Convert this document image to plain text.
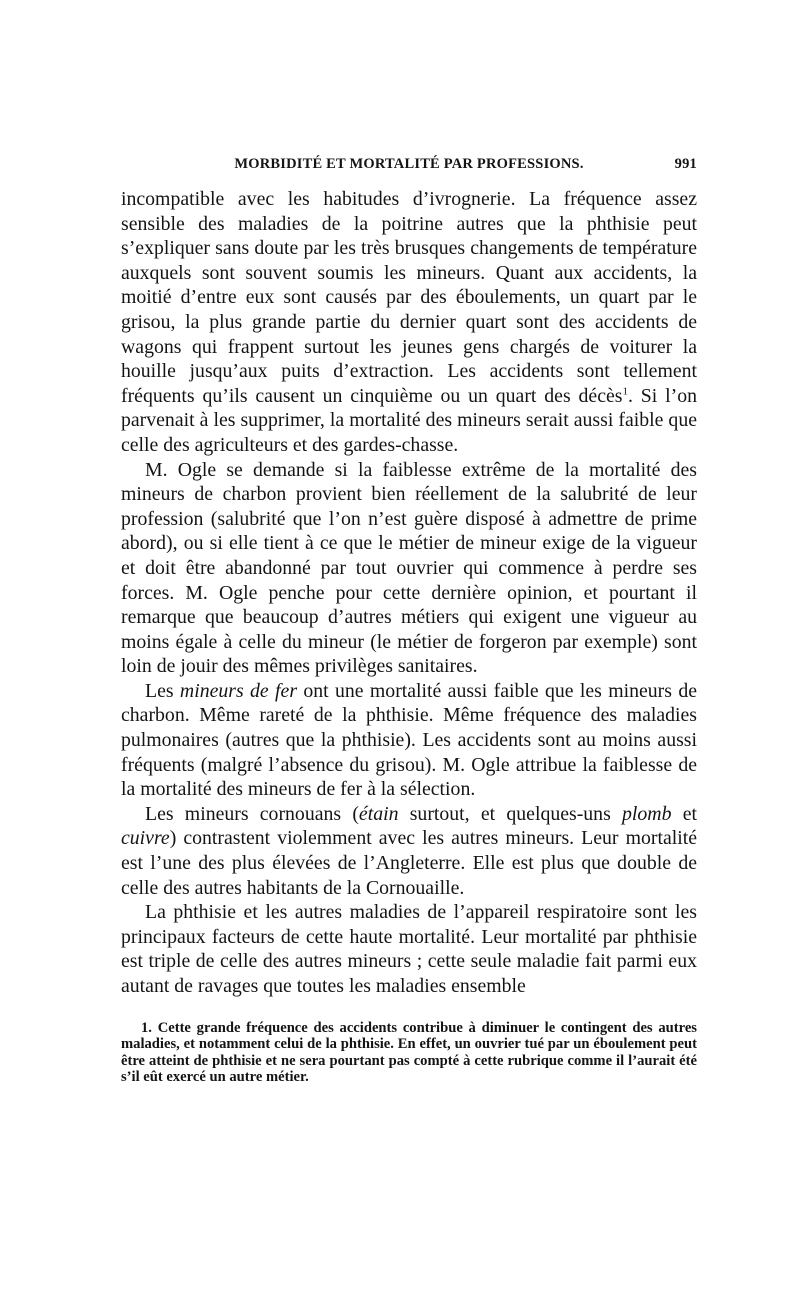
MORBIDITÉ ET MORTALITÉ PAR PROFESSIONS.	991

incompatible avec les habitudes d’ivrognerie. La fréquence assez sensible des maladies de la poitrine autres que la phthisie peut s’expliquer sans doute par les très brusques changements de température auxquels sont souvent soumis les mineurs. Quant aux accidents, la moitié d’entre eux sont causés par des éboulements, un quart par le grisou, la plus grande partie du dernier quart sont des accidents de wagons qui frappent surtout les jeunes gens chargés de voiturer la houille jusqu’aux puits d’extraction. Les accidents sont tellement fréquents qu’ils causent un cinquième ou un quart des décès$^1$. Si l’on parvenait à les supprimer, la mortalité des mineurs serait aussi faible que celle des agriculteurs et des gardes-chasse.

M. Ogle se demande si la faiblesse extrême de la mortalité des mineurs de charbon provient bien réellement de la salubrité de leur profession (salubrité que l’on n’est guère disposé à admettre de prime abord), ou si elle tient à ce que le métier de mineur exige de la vigueur et doit être abandonné par tout ouvrier qui commence à perdre ses forces. M. Ogle penche pour cette dernière opinion, et pourtant il remarque que beaucoup d’autres métiers qui exigent une vigueur au moins égale à celle du mineur (le métier de forgeron par exemple) sont loin de jouir des mêmes privilèges sanitaires.

Les mineurs de fer ont une mortalité aussi faible que les mineurs de charbon. Même rareté de la phthisie. Même fréquence des maladies pulmonaires (autres que la phthisie). Les accidents sont au moins aussi fréquents (malgré l’absence du grisou). M. Ogle attribue la faiblesse de la mortalité des mineurs de fer à la sélection.

Les mineurs cornouans (étain surtout, et quelques-uns plomb et cuivre) contrastent violemment avec les autres mineurs. Leur mortalité est l’une des plus élevées de l’Angleterre. Elle est plus que double de celle des autres habitants de la Cornouaille.

La phthisie et les autres maladies de l’appareil respiratoire sont les principaux facteurs de cette haute mortalité. Leur mortalité par phthisie est triple de celle des autres mineurs ; cette seule maladie fait parmi eux autant de ravages que toutes les maladies ensemble

1. Cette grande fréquence des accidents contribue à diminuer le contingent des autres maladies, et notamment celui de la phthisie. En effet, un ouvrier tué par un éboulement peut être atteint de phthisie et ne sera pourtant pas compté à cette rubrique comme il l’aurait été s’il eût exercé un autre métier.
